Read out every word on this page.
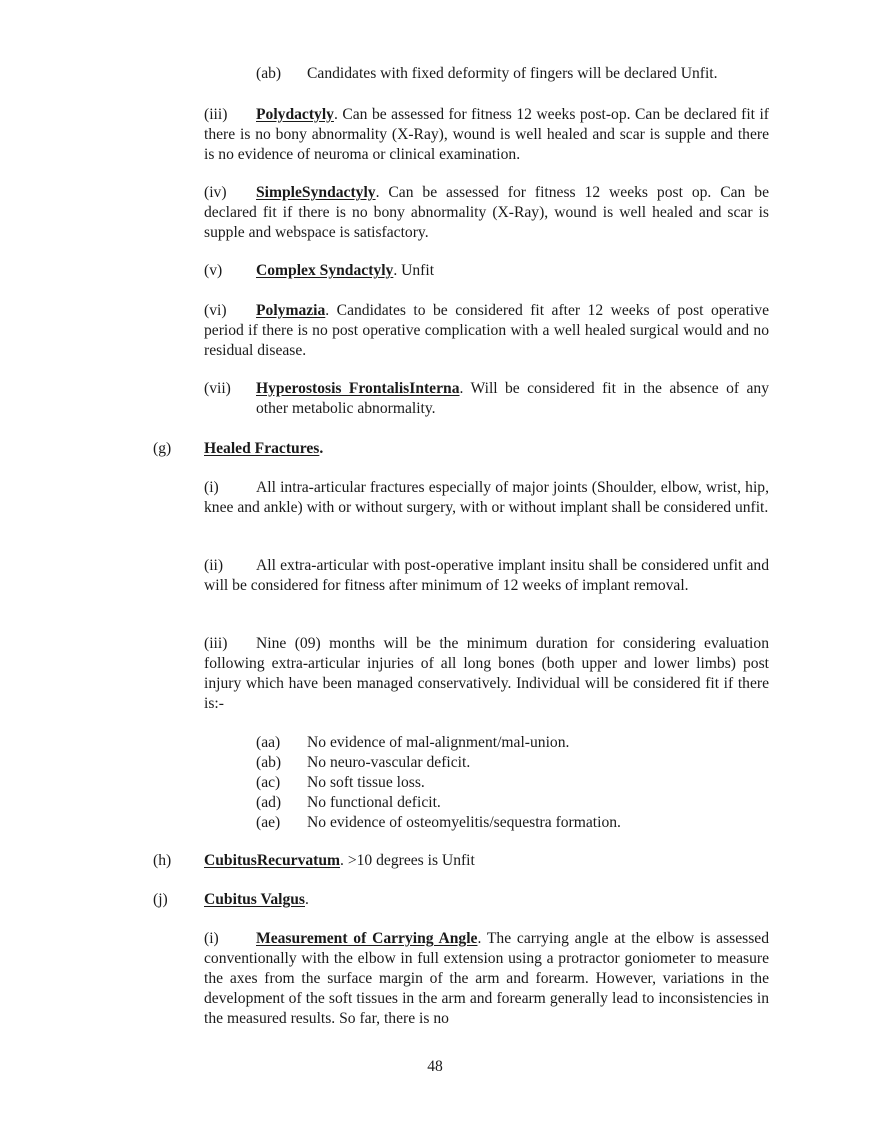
(ab) Candidates with fixed deformity of fingers will be declared Unfit.
(iii) Polydactyly. Can be assessed for fitness 12 weeks post-op. Can be declared fit if there is no bony abnormality (X-Ray), wound is well healed and scar is supple and there is no evidence of neuroma or clinical examination.
(iv) SimpleSyndactyly. Can be assessed for fitness 12 weeks post op. Can be declared fit if there is no bony abnormality (X-Ray), wound is well healed and scar is supple and webspace is satisfactory.
(v) Complex Syndactyly. Unfit
(vi) Polymazia. Candidates to be considered fit after 12 weeks of post operative period if there is no post operative complication with a well healed surgical would and no residual disease.
(vii) Hyperostosis FrontalisInterna. Will be considered fit in the absence of any other metabolic abnormality.
(g) Healed Fractures.
(i) All intra-articular fractures especially of major joints (Shoulder, elbow, wrist, hip, knee and ankle) with or without surgery, with or without implant shall be considered unfit.
(ii) All extra-articular with post-operative implant insitu shall be considered unfit and will be considered for fitness after minimum of 12 weeks of implant removal.
(iii) Nine (09) months will be the minimum duration for considering evaluation following extra-articular injuries of all long bones (both upper and lower limbs) post injury which have been managed conservatively. Individual will be considered fit if there is:-
(aa) No evidence of mal-alignment/mal-union.
(ab) No neuro-vascular deficit.
(ac) No soft tissue loss.
(ad) No functional deficit.
(ae) No evidence of osteomyelitis/sequestra formation.
(h) CubitusRecurvatum. >10 degrees is Unfit
(j) Cubitus Valgus.
(i) Measurement of Carrying Angle. The carrying angle at the elbow is assessed conventionally with the elbow in full extension using a protractor goniometer to measure the axes from the surface margin of the arm and forearm. However, variations in the development of the soft tissues in the arm and forearm generally lead to inconsistencies in the measured results. So far, there is no
48
